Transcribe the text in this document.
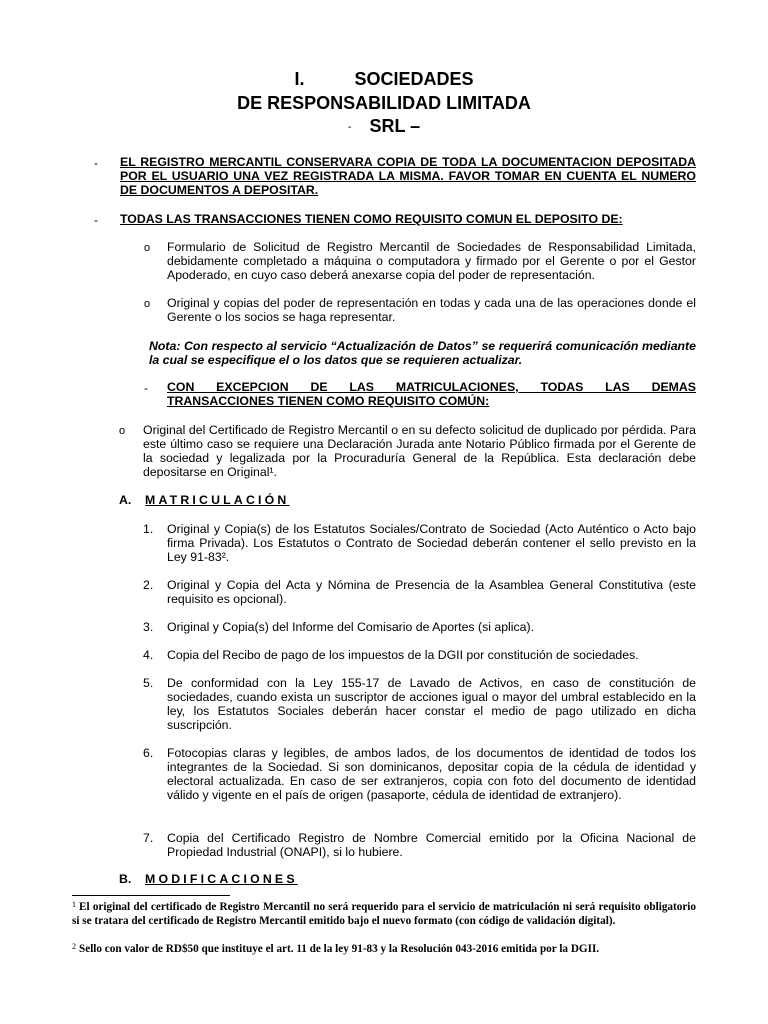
I.	SOCIEDADES
DE RESPONSABILIDAD LIMITADA
- SRL –
- EL REGISTRO MERCANTIL CONSERVARA COPIA DE TODA LA DOCUMENTACION DEPOSITADA POR EL USUARIO UNA VEZ REGISTRADA LA MISMA. FAVOR TOMAR EN CUENTA EL NUMERO DE DOCUMENTOS A DEPOSITAR.
- TODAS LAS TRANSACCIONES TIENEN COMO REQUISITO COMUN EL DEPOSITO DE:
o Formulario de Solicitud de Registro Mercantil de Sociedades de Responsabilidad Limitada, debidamente completado a máquina o computadora y firmado por el Gerente o por el Gestor Apoderado, en cuyo caso deberá anexarse copia del poder de representación.
o Original y copias del poder de representación en todas y cada una de las operaciones donde el Gerente o los socios se haga representar.
Nota: Con respecto al servicio “Actualización de Datos” se requerirá comunicación mediante la cual se especifique el o los datos que se requieren actualizar.
- CON EXCEPCION DE LAS MATRICULACIONES, TODAS LAS DEMAS
TRANSACCIONES TIENEN COMO REQUISITO COMÚN:
o Original del Certificado de Registro Mercantil o en su defecto solicitud de duplicado por pérdida. Para este último caso se requiere una Declaración Jurada ante Notario Público firmada por el Gerente de la sociedad y legalizada por la Procuraduría General de la República. Esta declaración debe depositarse en Original¹.
A. MATRICULACIÓN
1. Original y Copia(s) de los Estatutos Sociales/Contrato de Sociedad (Acto Auténtico o Acto bajo firma Privada). Los Estatutos o Contrato de Sociedad deberán contener el sello previsto en la Ley 91-83².
2. Original y Copia del Acta y Nómina de Presencia de la Asamblea General Constitutiva (este requisito es opcional).
3. Original y Copia(s) del Informe del Comisario de Aportes (si aplica).
4. Copia del Recibo de pago de los impuestos de la DGII por constitución de sociedades.
5. De conformidad con la Ley 155-17 de Lavado de Activos, en caso de constitución de sociedades, cuando exista un suscriptor de acciones igual o mayor del umbral establecido en la ley, los Estatutos Sociales deberán hacer constar el medio de pago utilizado en dicha suscripción.
6. Fotocopias claras y legibles, de ambos lados, de los documentos de identidad de todos los integrantes de la Sociedad. Si son dominicanos, depositar copia de la cédula de identidad y electoral actualizada. En caso de ser extranjeros, copia con foto del documento de identidad válido y vigente en el país de origen (pasaporte, cédula de identidad de extranjero).
7. Copia del Certificado Registro de Nombre Comercial emitido por la Oficina Nacional de Propiedad Industrial (ONAPI), si lo hubiere.
B. MODIFICACIONES
$^1$ El original del certificado de Registro Mercantil no será requerido para el servicio de matriculación ni será requisito obligatorio si se tratara del certificado de Registro Mercantil emitido bajo el nuevo formato (con código de validación digital).
$^2$ Sello con valor de RD$50 que instituye el art. 11 de la ley 91-83 y la Resolución 043-2016 emitida por la DGII.
